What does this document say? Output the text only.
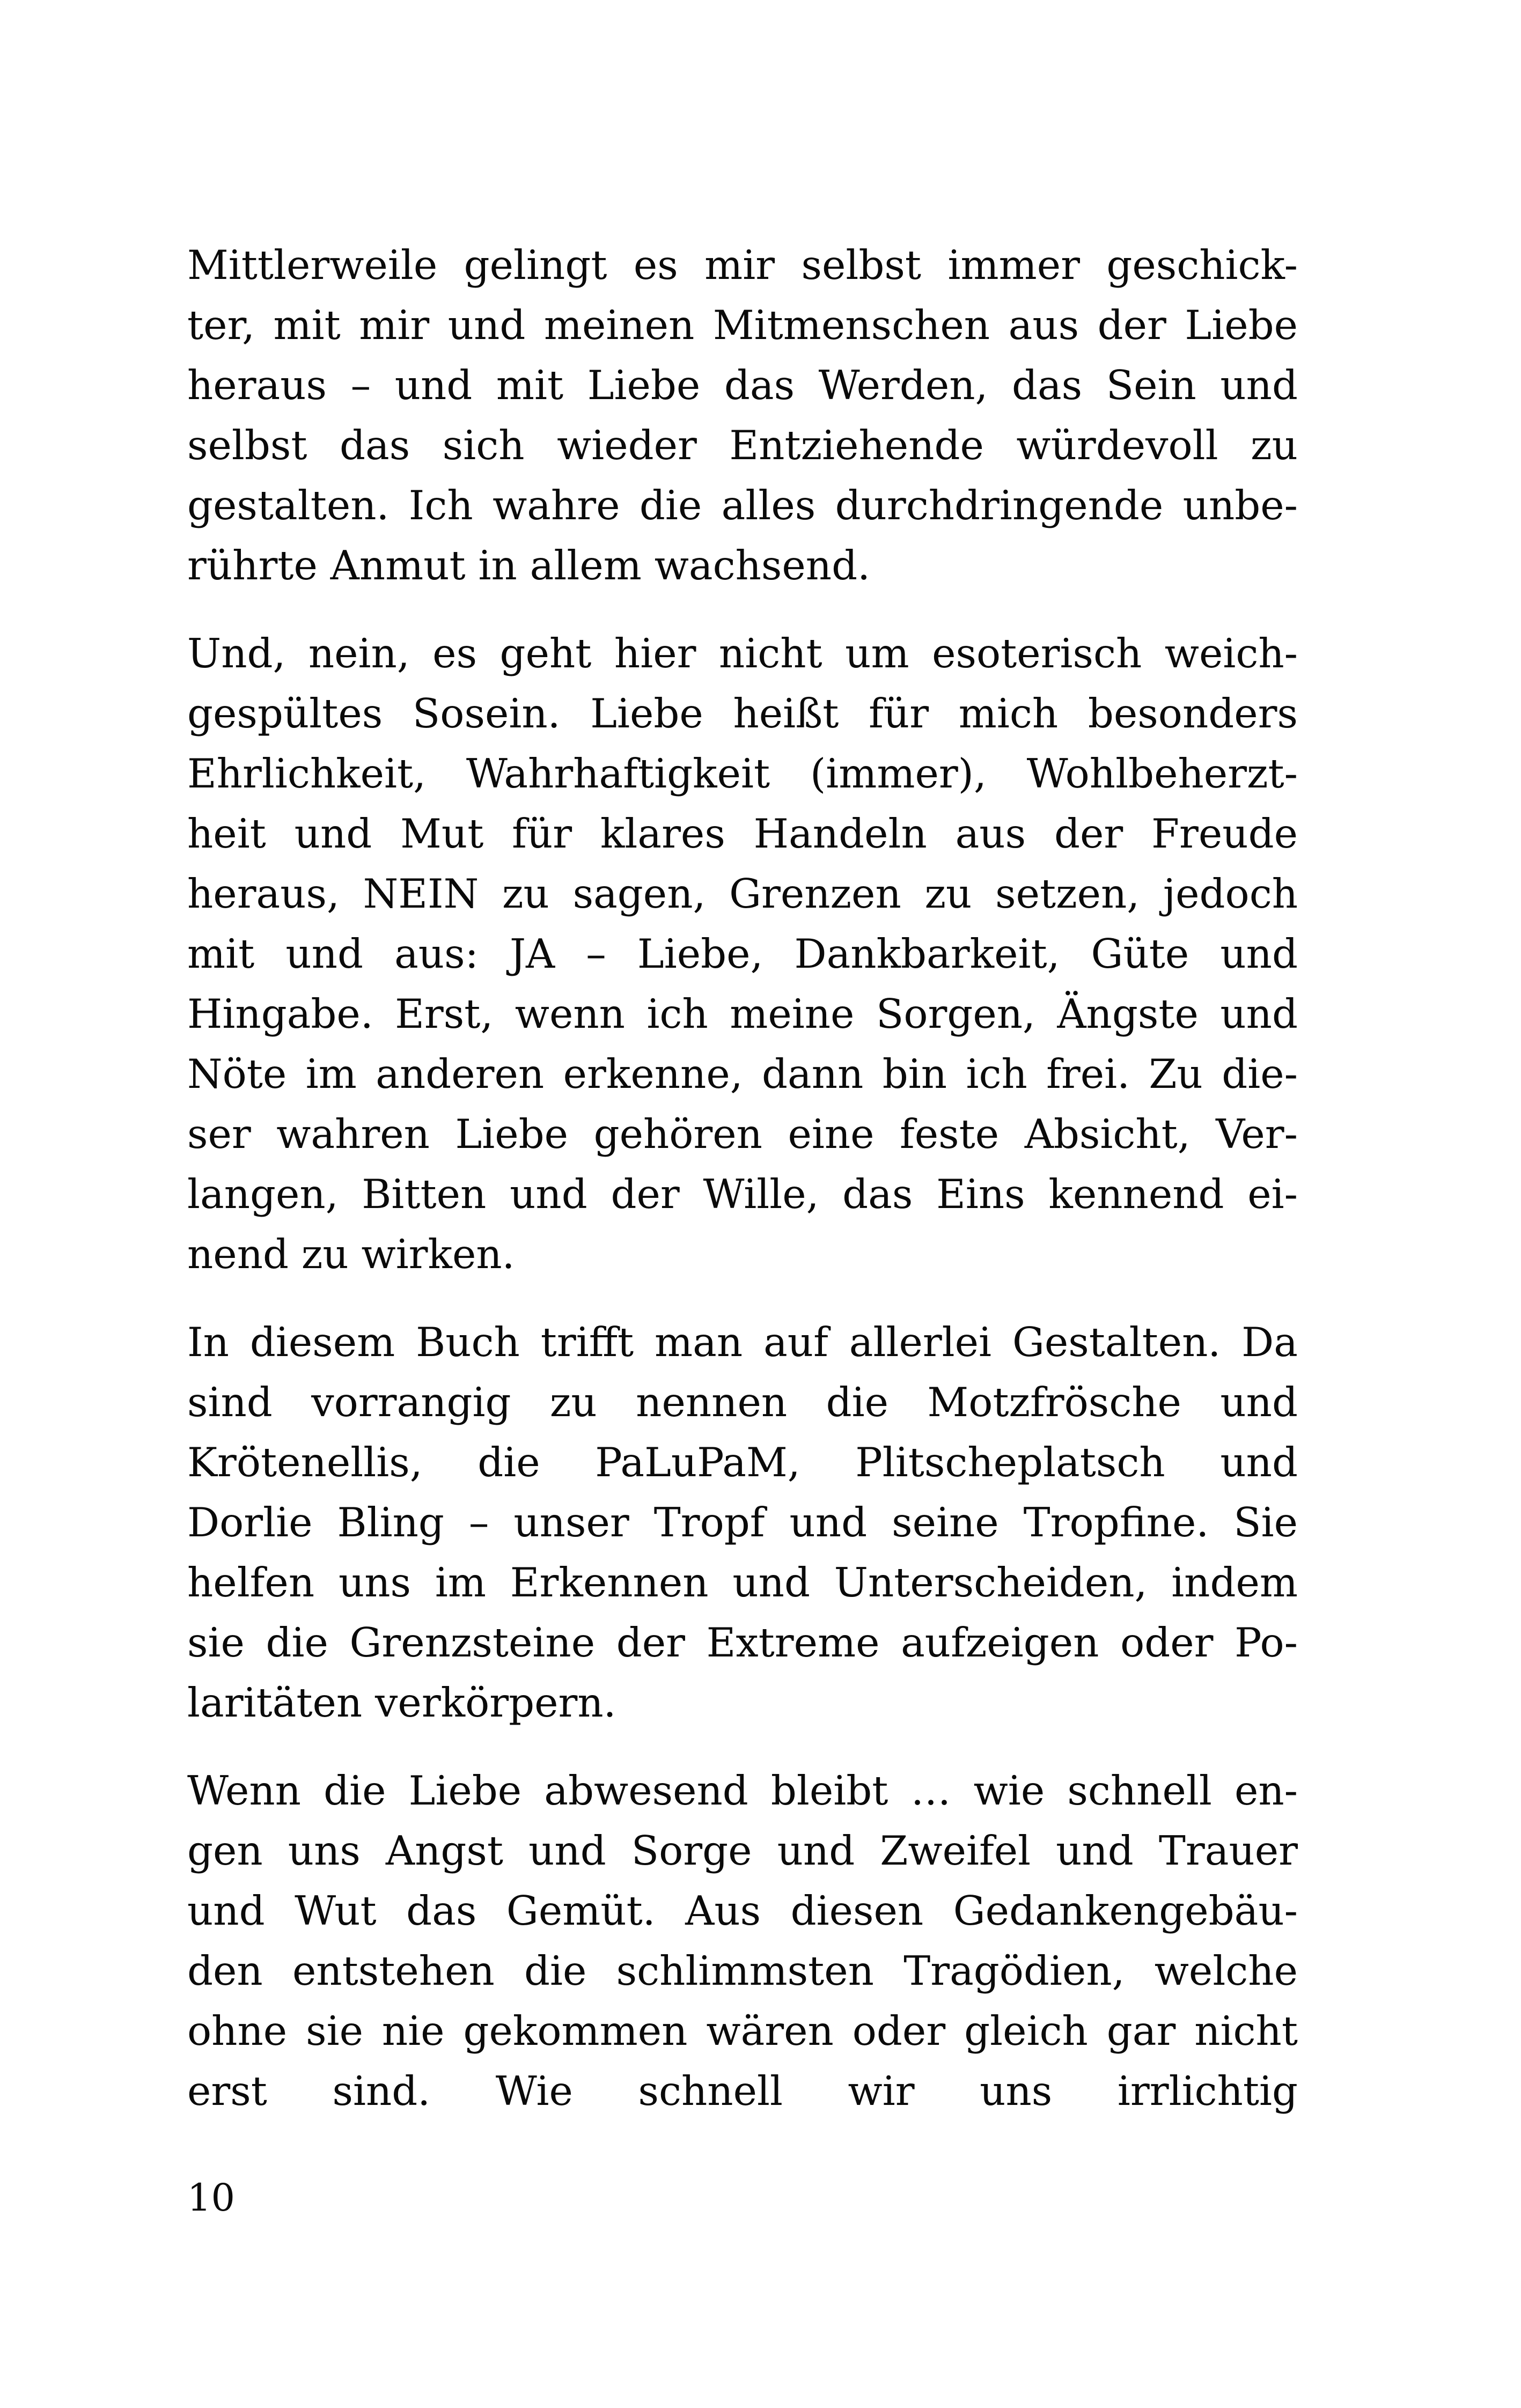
Mittlerweile gelingt es mir selbst immer geschick-
ter, mit mir und meinen Mitmenschen aus der Liebe
heraus – und mit Liebe das Werden, das Sein und
selbst das sich wieder Entziehende würdevoll zu
gestalten. Ich wahre die alles durchdringende unbe-
rührte Anmut in allem wachsend.
Und, nein, es geht hier nicht um esoterisch weich-
gespültes Sosein. Liebe heißt für mich besonders
Ehrlichkeit, Wahrhaftigkeit (immer), Wohlbeherzt-
heit und Mut für klares Handeln aus der Freude
heraus, NEIN zu sagen, Grenzen zu setzen, jedoch
mit und aus: JA – Liebe, Dankbarkeit, Güte und
Hingabe. Erst, wenn ich meine Sorgen, Ängste und
Nöte im anderen erkenne, dann bin ich frei. Zu die-
ser wahren Liebe gehören eine feste Absicht, Ver-
langen, Bitten und der Wille, das Eins kennend ei-
nend zu wirken.
In diesem Buch trifft man auf allerlei Gestalten. Da
sind vorrangig zu nennen die Motzfrösche und
Krötenellis, die PaLuPaM, Plitscheplatsch und
Dorlie Bling – unser Tropf und seine Tropfine. Sie
helfen uns im Erkennen und Unterscheiden, indem
sie die Grenzsteine der Extreme aufzeigen oder Po-
laritäten verkörpern.
Wenn die Liebe abwesend bleibt … wie schnell en-
gen uns Angst und Sorge und Zweifel und Trauer
und Wut das Gemüt. Aus diesen Gedankengebäu-
den entstehen die schlimmsten Tragödien, welche
ohne sie nie gekommen wären oder gleich gar nicht
erst sind. Wie schnell wir uns irrlichtig
10
